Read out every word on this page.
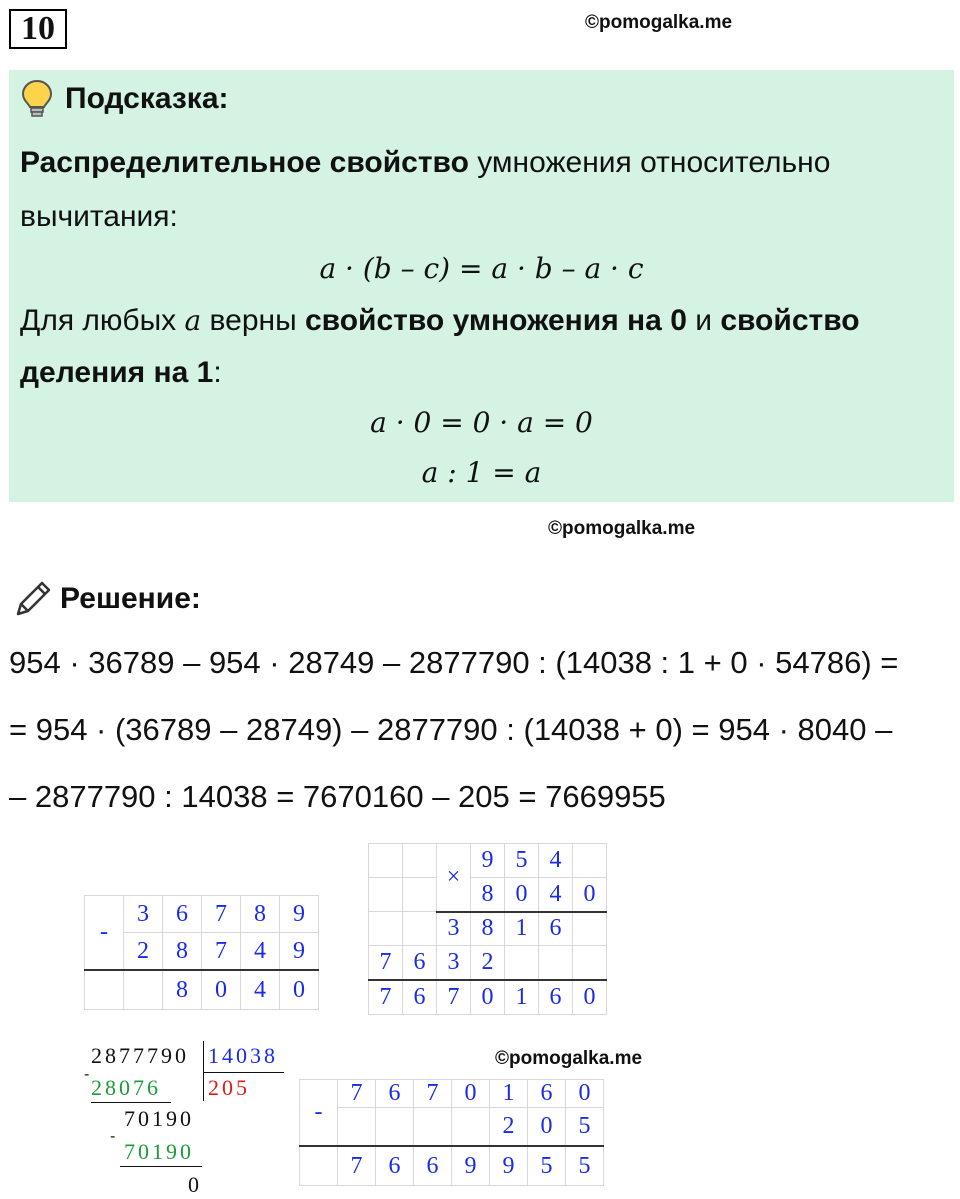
10	©pomogalka.me
Подсказка:
Распределительное свойство умножения относительно
вычитания:
a · (b – c) = a · b – a · c
Для любых a верны свойство умножения на 0 и свойство
деления на 1:
a · 0 = 0 · a = 0
a : 1 = a
©pomogalka.me
Решение:
954 · 36789 – 954 · 28749 – 2877790 : (14038 : 1 + 0 · 54786) =
= 954 · (36789 – 28749) – 2877790 : (14038 + 0) = 954 · 8040 –
– 2877790 : 14038 = 7670160 – 205 = 7669955
-	3	6	7	8	9
	2	8	7	4	9
		8	0	4	0
		×	9	5	4	
			8	0	4	0
		3	8	1	6	
7	6	3	2			
7	6	7	0	1	6	0
2877790 14038
205
-
28076
70190
-
70190
0
©pomogalka.me
-	7	6	7	0	1	6	0
					2	0	5
	7	6	6	9	9	5	5
